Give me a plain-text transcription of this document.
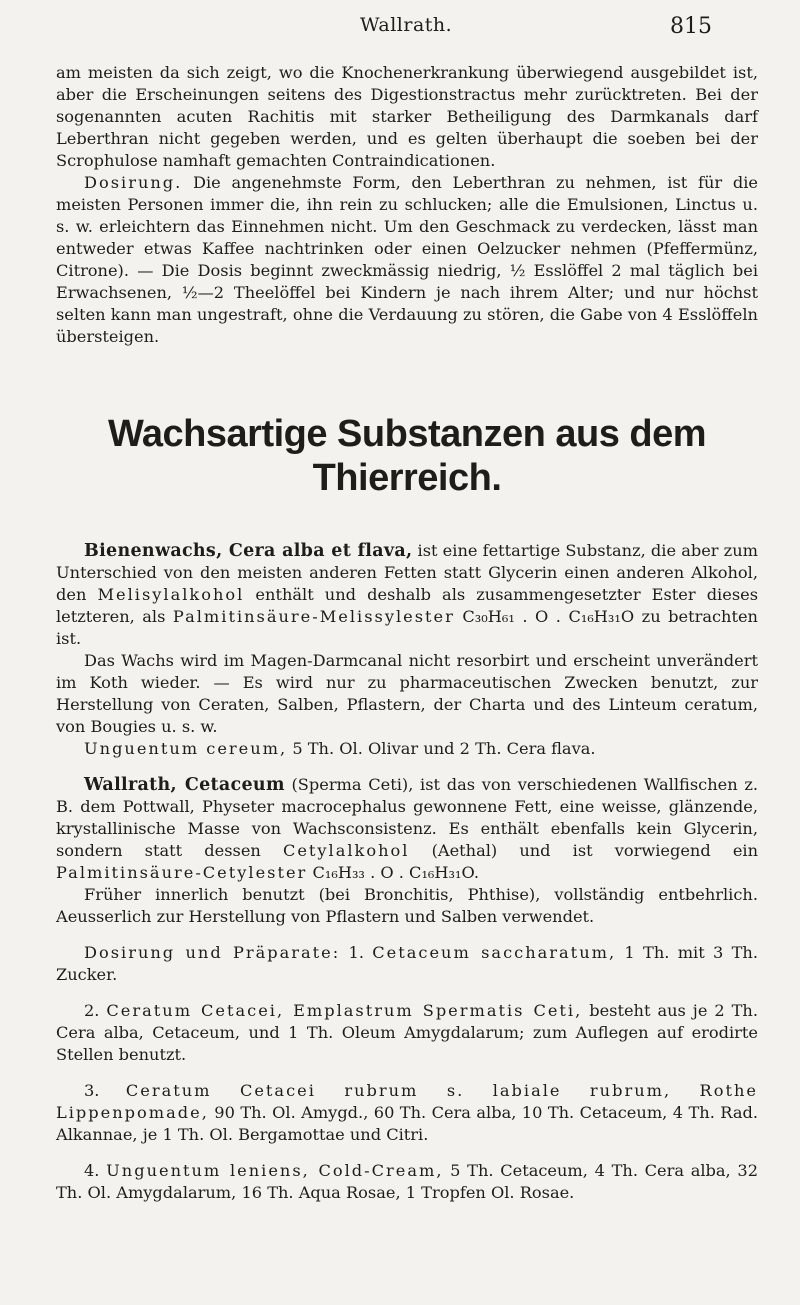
Wallrath.	815

am meisten da sich zeigt, wo die Knochenerkrankung überwiegend ausgebildet ist, aber die Erscheinungen seitens des Digestionstractus mehr zurücktreten. Bei der sogenannten acuten Rachitis mit starker Betheiligung des Darmkanals darf Leberthran nicht gegeben werden, und es gelten überhaupt die soeben bei der Scrophulose namhaft gemachten Contraindicationen.

Dosirung. Die angenehmste Form, den Leberthran zu nehmen, ist für die meisten Personen immer die, ihn rein zu schlucken; alle die Emulsionen, Linctus u. s. w. erleichtern das Einnehmen nicht. Um den Geschmack zu verdecken, lässt man entweder etwas Kaffee nachtrinken oder einen Oelzucker nehmen (Pfeffermünz, Citrone). — Die Dosis beginnt zweckmässig niedrig, ½ Esslöffel 2 mal täglich bei Erwachsenen, ½—2 Theelöffel bei Kindern je nach ihrem Alter; und nur höchst selten kann man ungestraft, ohne die Verdauung zu stören, die Gabe von 4 Esslöffeln übersteigen.

Wachsartige Substanzen aus dem Thierreich.

Bienenwachs, Cera alba et flava, ist eine fettartige Substanz, die aber zum Unterschied von den meisten anderen Fetten statt Glycerin einen anderen Alkohol, den Melisylalkohol enthält und deshalb als zusammengesetzter Ester dieses letzteren, als Palmitinsäure-Melissylester C₃₀H₆₁ . O . C₁₆H₃₁O zu betrachten ist.

Das Wachs wird im Magen-Darmcanal nicht resorbirt und erscheint unverändert im Koth wieder. — Es wird nur zu pharmaceutischen Zwecken benutzt, zur Herstellung von Ceraten, Salben, Pflastern, der Charta und des Linteum ceratum, von Bougies u. s. w.

Unguentum cereum, 5 Th. Ol. Olivar und 2 Th. Cera flava.

Wallrath, Cetaceum (Sperma Ceti), ist das von verschiedenen Wallfischen z. B. dem Pottwall, Physeter macrocephalus gewonnene Fett, eine weisse, glänzende, krystallinische Masse von Wachsconsistenz. Es enthält ebenfalls kein Glycerin, sondern statt dessen Cetylalkohol (Aethal) und ist vorwiegend ein Palmitinsäure-Cetylester C₁₆H₃₃ . O . C₁₆H₃₁O.

Früher innerlich benutzt (bei Bronchitis, Phthise), vollständig entbehrlich. Aeusserlich zur Herstellung von Pflastern und Salben verwendet.

Dosirung und Präparate: 1. Cetaceum saccharatum, 1 Th. mit 3 Th. Zucker.

2. Ceratum Cetacei, Emplastrum Spermatis Ceti, besteht aus je 2 Th. Cera alba, Cetaceum, und 1 Th. Oleum Amygdalarum; zum Auflegen auf erodirte Stellen benutzt.

3. Ceratum Cetacei rubrum s. labiale rubrum, Rothe Lippenpomade, 90 Th. Ol. Amygd., 60 Th. Cera alba, 10 Th. Cetaceum, 4 Th. Rad. Alkannae, je 1 Th. Ol. Bergamottae und Citri.

4. Unguentum leniens, Cold-Cream, 5 Th. Cetaceum, 4 Th. Cera alba, 32 Th. Ol. Amygdalarum, 16 Th. Aqua Rosae, 1 Tropfen Ol. Rosae.
